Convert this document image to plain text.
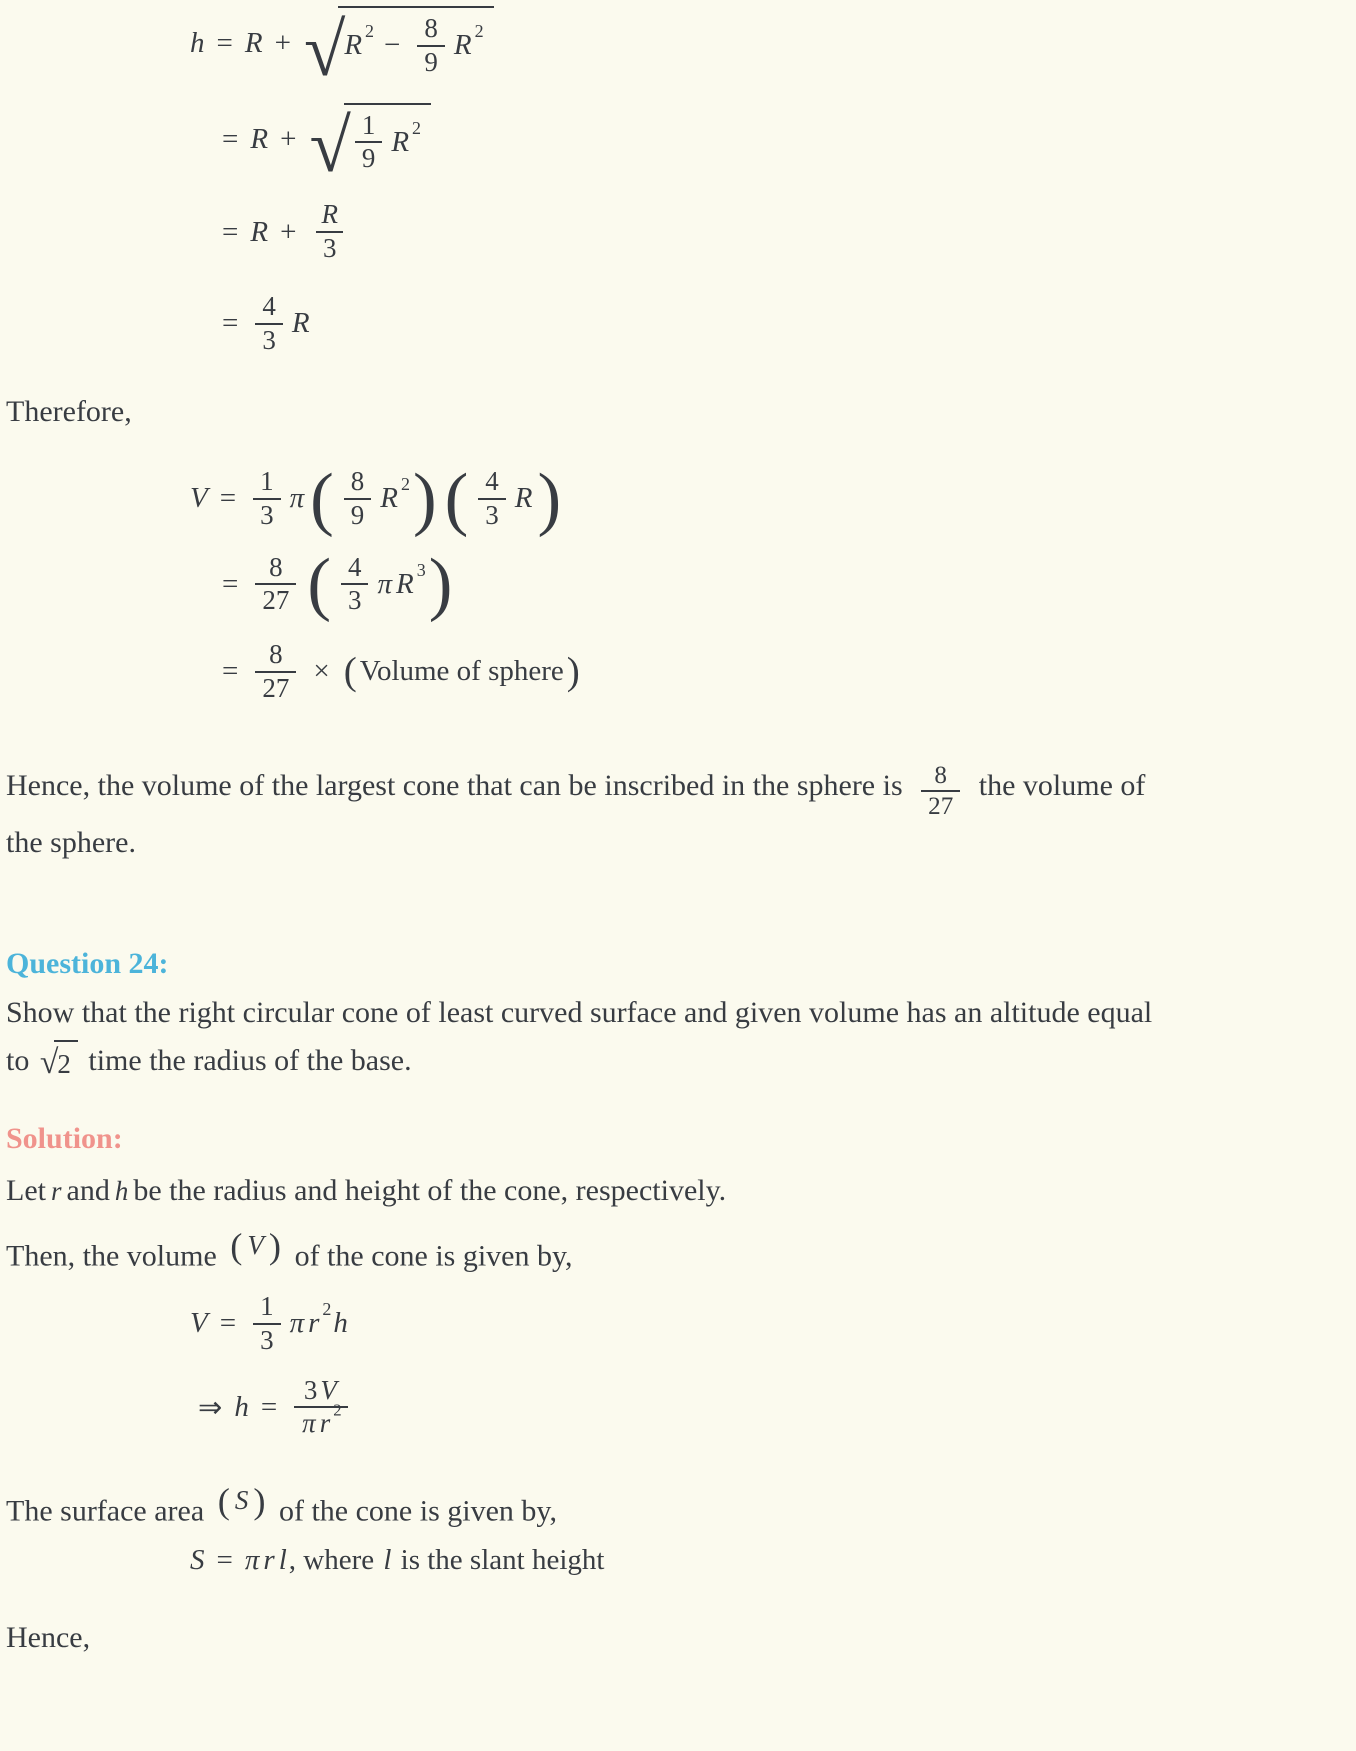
h = R + √ R $2 - \frac{8}{9}$ R 2
= R + √ $\frac{1}{9}$ R 2
= $R + \frac{R}{3}$
= $\frac{4}{3}$ R

Therefore,

$V = \frac{1}{3}$ π ( $\frac{8}{9}$ R 2 ) ( $\frac{4}{3}$ R )
= $\frac{8}{27}$ ( $\frac{4}{3}$ π R 3 )
= $\frac{8}{27}$ × ( Volume of sphere )

Hence, the volume of the largest cone that can be inscribed in the sphere is $\frac{8}{27}$ the volume of
the sphere.

Question 24:

Show that the right circular cone of least curved surface and given volume has an altitude equal
to √ 2 time the radius of the base.

Solution:

Let r and h be the radius and height of the cone, respectively.

Then, the volume ( V ) of the cone is given by,

$V = \frac{1}{3}$ π r 2 h
⇒ $h = \frac{3 V}{\text{π r 2}}$

The surface area ( S ) of the cone is given by,

S = π r l , where l is the slant height

Hence,
